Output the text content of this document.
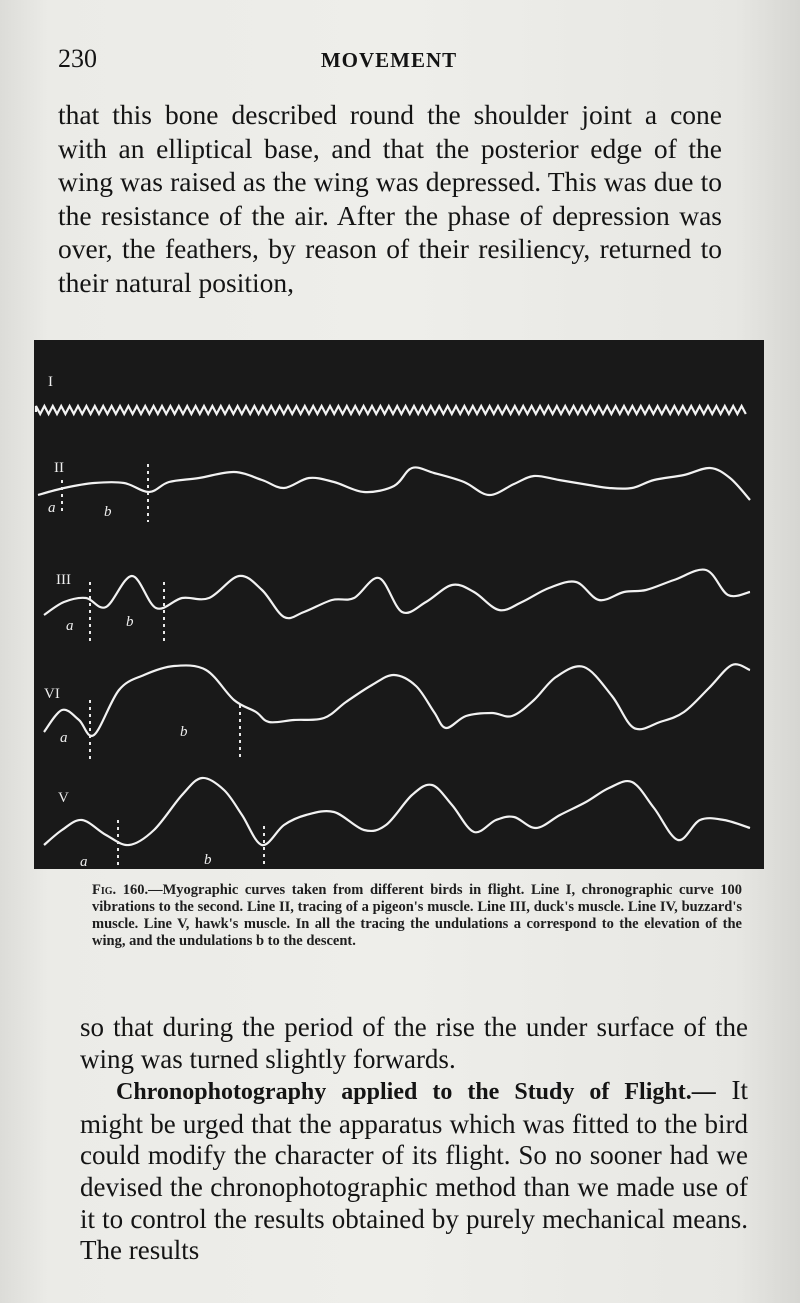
230	MOVEMENT

that this bone described round the shoulder joint a cone with an elliptical base, and that the posterior edge of the wing was raised as the wing was depressed. This was due to the resistance of the air. After the phase of depression was over, the feathers, by reason of their resiliency, returned to their natural position,

I
II
III
VI
V
a	b
a	b
a	b
a	b

Fig. 160.—Myographic curves taken from different birds in flight. Line I, chronographic curve 100 vibrations to the second. Line II, tracing of a pigeon's muscle. Line III, duck's muscle. Line IV, buzzard's muscle. Line V, hawk's muscle. In all the tracing the undulations a correspond to the elevation of the wing, and the undulations b to the descent.

so that during the period of the rise the under surface of the wing was turned slightly forwards.

Chronophotography applied to the Study of Flight.— It might be urged that the apparatus which was fitted to the bird could modify the character of its flight. So no sooner had we devised the chronophotographic method than we made use of it to control the results obtained by purely mechanical means. The results
